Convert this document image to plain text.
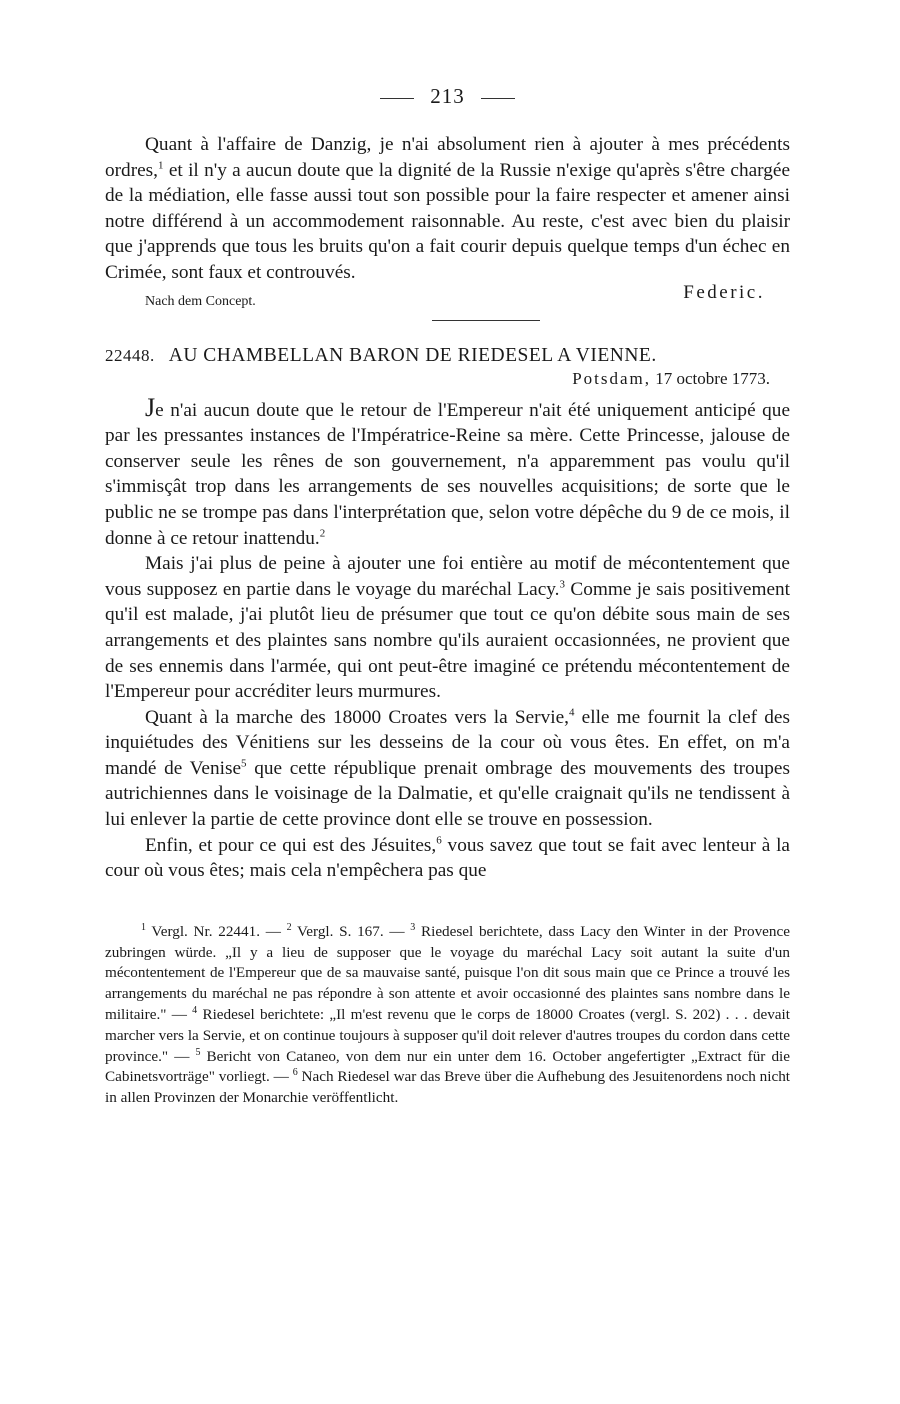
213

Quant à l'affaire de Danzig, je n'ai absolument rien à ajouter à mes précédents ordres,$^1$ et il n'y a aucun doute que la dignité de la Russie n'exige qu'après s'être chargée de la médiation, elle fasse aussi tout son possible pour la faire respecter et amener ainsi notre différend à un accommodement raisonnable. Au reste, c'est avec bien du plaisir que j'apprends que tous les bruits qu'on a fait courir depuis quelque temps d'un échec en Crimée, sont faux et controuvés.

Nach dem Concept.	Federic.
22448. AU CHAMBELLAN BARON DE RIEDESEL A VIENNE.
Potsdam, 17 octobre 1773.

Je n'ai aucun doute que le retour de l'Empereur n'ait été uniquement anticipé que par les pressantes instances de l'Impératrice-Reine sa mère. Cette Princesse, jalouse de conserver seule les rênes de son gouvernement, n'a apparemment pas voulu qu'il s'immisçât trop dans les arrangements de ses nouvelles acquisitions; de sorte que le public ne se trompe pas dans l'interprétation que, selon votre dépêche du 9 de ce mois, il donne à ce retour inattendu.$^2$

Mais j'ai plus de peine à ajouter une foi entière au motif de mécontentement que vous supposez en partie dans le voyage du maréchal Lacy.$^3$ Comme je sais positivement qu'il est malade, j'ai plutôt lieu de présumer que tout ce qu'on débite sous main de ses arrangements et des plaintes sans nombre qu'ils auraient occasionnées, ne provient que de ses ennemis dans l'armée, qui ont peut-être imaginé ce prétendu mécontentement de l'Empereur pour accréditer leurs murmures.

Quant à la marche des 18000 Croates vers la Servie,$^4$ elle me fournit la clef des inquiétudes des Vénitiens sur les desseins de la cour où vous êtes. En effet, on m'a mandé de Venise$^5$ que cette république prenait ombrage des mouvements des troupes autrichiennes dans le voisinage de la Dalmatie, et qu'elle craignait qu'ils ne tendissent à lui enlever la partie de cette province dont elle se trouve en possession.

Enfin, et pour ce qui est des Jésuites,$^6$ vous savez que tout se fait avec lenteur à la cour où vous êtes; mais cela n'empêchera pas que

$^1$ Vergl. Nr. 22441. — $^2$ Vergl. S. 167. — $^3$ Riedesel berichtete, dass Lacy den Winter in der Provence zubringen würde. „Il y a lieu de supposer que le voyage du maréchal Lacy soit autant la suite d'un mécontentement de l'Empereur que de sa mauvaise santé, puisque l'on dit sous main que ce Prince a trouvé les arrangements du maréchal ne pas répondre à son attente et avoir occasionné des plaintes sans nombre dans le militaire." — $^4$ Riedesel berichtete: „Il m'est revenu que le corps de 18000 Croates (vergl. S. 202) . . . devait marcher vers la Servie, et on continue toujours à supposer qu'il doit relever d'autres troupes du cordon dans cette province." — $^5$ Bericht von Cataneo, von dem nur ein unter dem 16. October angefertigter „Extract für die Cabinetsvorträge" vorliegt. — $^6$ Nach Riedesel war das Breve über die Aufhebung des Jesuitenordens noch nicht in allen Provinzen der Monarchie veröffentlicht.
